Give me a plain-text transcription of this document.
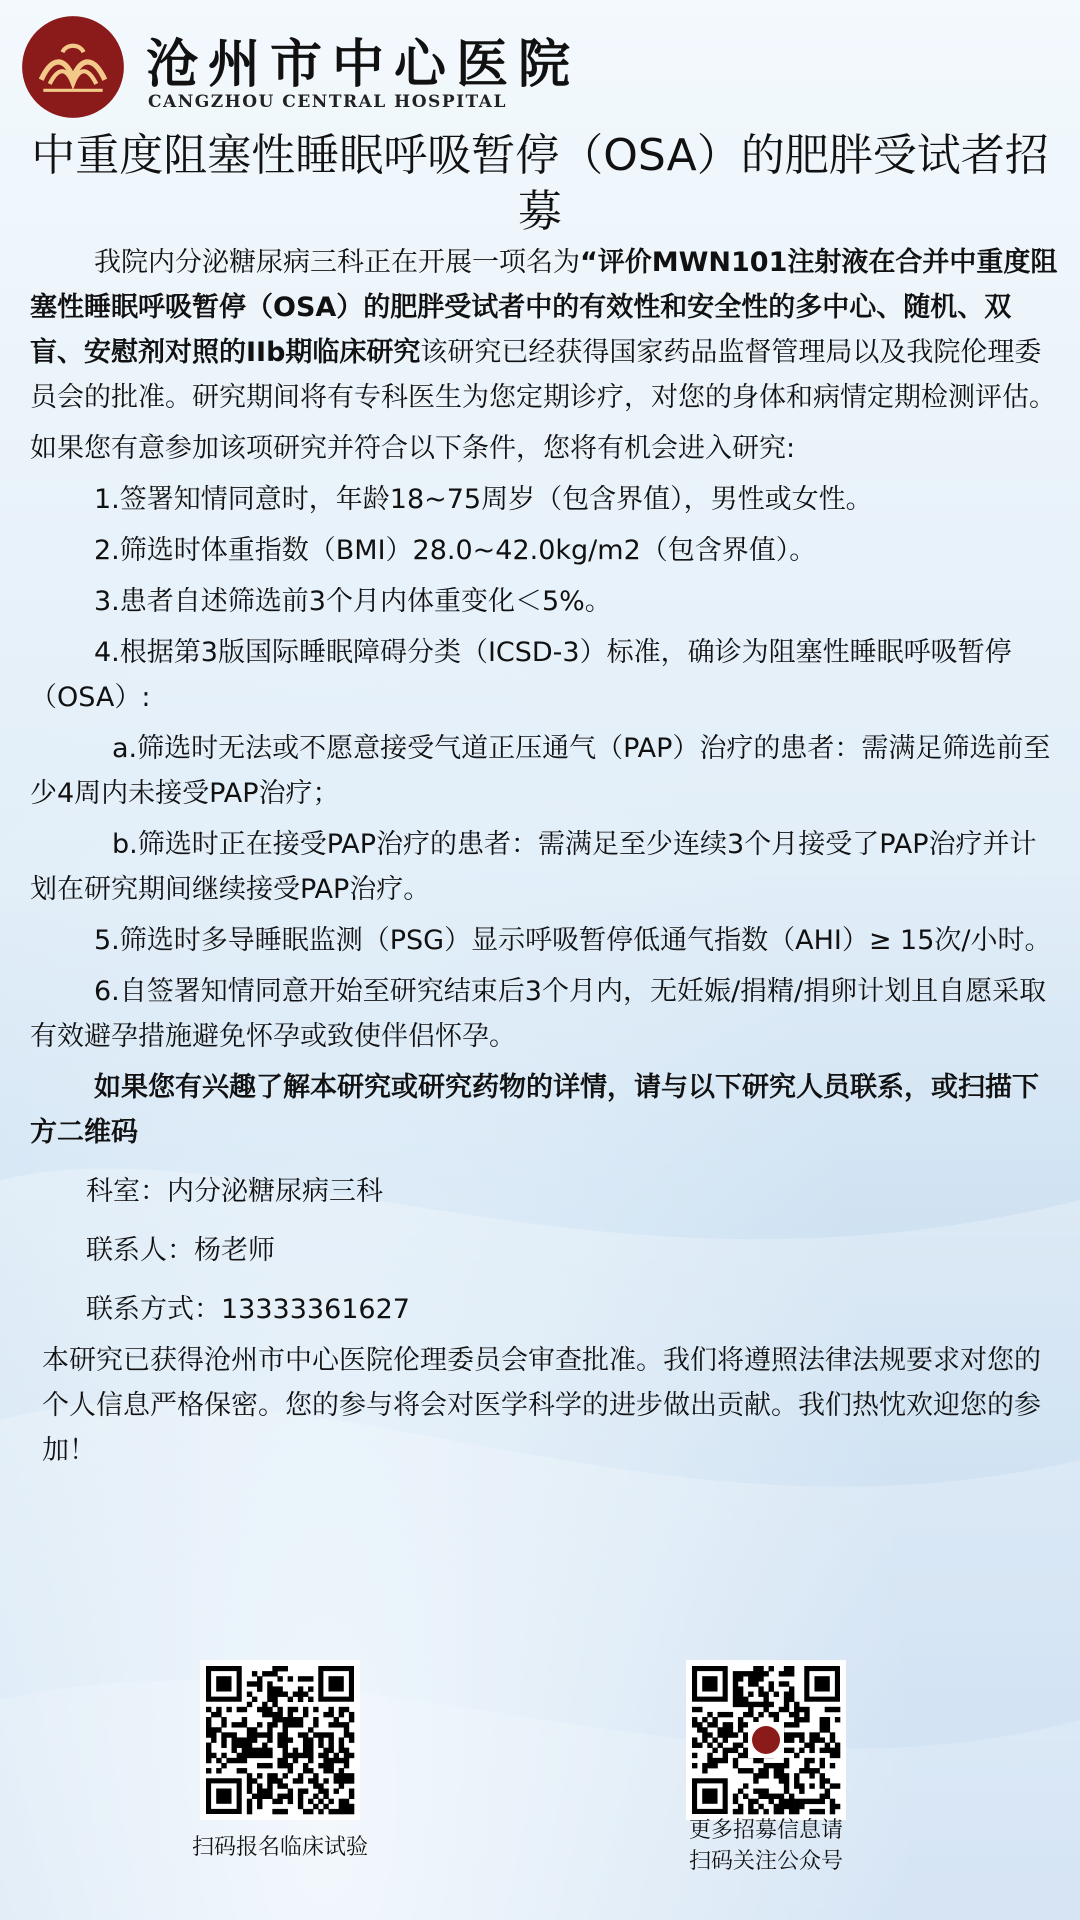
沧州市中心医院
CANGZHOU CENTRAL HOSPITAL
中重度阻塞性睡眠呼吸暂停（OSA）的肥胖受试者招募

我院内分泌糖尿病三科正在开展一项名为“评价MWN101注射液在合并中重度阻塞性睡眠呼吸暂停（OSA）的肥胖受试者中的有效性和安全性的多中心、随机、双盲、安慰剂对照的IIb期临床研究该研究已经获得国家药品监督管理局以及我院伦理委员会的批准。研究期间将有专科医生为您定期诊疗，对您的身体和病情定期检测评估。

如果您有意参加该项研究并符合以下条件，您将有机会进入研究:

1.签署知情同意时，年龄18~75周岁（包含界值），男性或女性。

2.筛选时体重指数（BMI）28.0~42.0kg/m2（包含界值）。

3.患者自述筛选前3个月内体重变化＜5%。

4.根据第3版国际睡眠障碍分类（ICSD-3）标准，确诊为阻塞性睡眠呼吸暂停（OSA）:

a.筛选时无法或不愿意接受气道正压通气（PAP）治疗的患者：需满足筛选前至少4周内未接受PAP治疗；

b.筛选时正在接受PAP治疗的患者：需满足至少连续3个月接受了PAP治疗并计划在研究期间继续接受PAP治疗。

5.筛选时多导睡眠监测（PSG）显示呼吸暂停低通气指数（AHI）≥ 15次/小时。

6.自签署知情同意开始至研究结束后3个月内，无妊娠/捐精/捐卵计划且自愿采取有效避孕措施避免怀孕或致使伴侣怀孕。

如果您有兴趣了解本研究或研究药物的详情，请与以下研究人员联系，或扫描下方二维码

科室：内分泌糖尿病三科

联系人：杨老师

联系方式：13333361627

本研究已获得沧州市中心医院伦理委员会审查批准。我们将遵照法律法规要求对您的个人信息严格保密。您的参与将会对医学科学的进步做出贡献。我们热忱欢迎您的参加！

扫码报名临床试验
更多招募信息请
扫码关注公众号
